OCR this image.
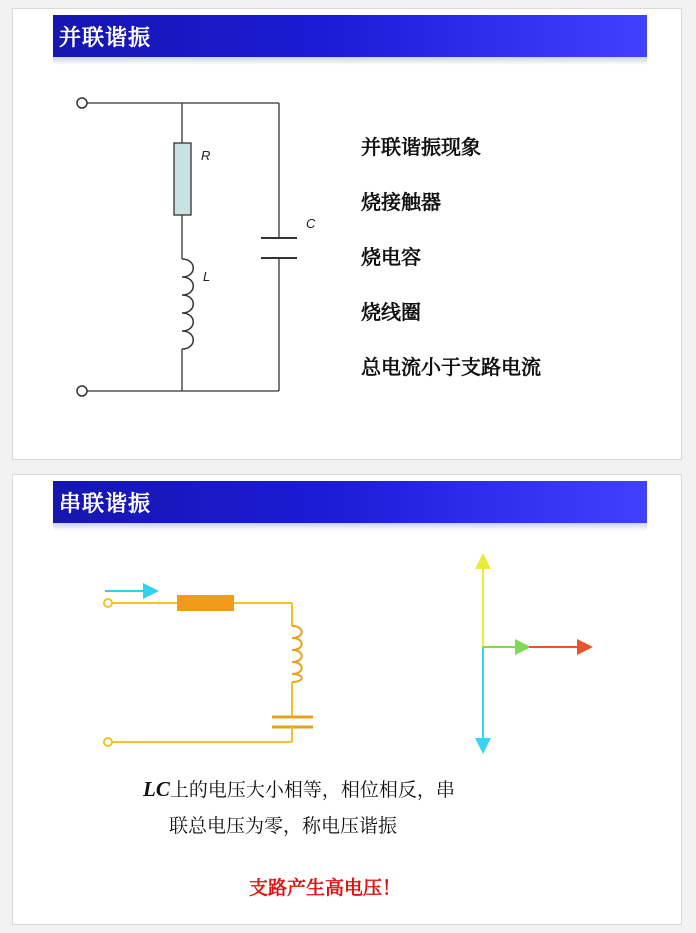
并联谐振
R
L
C
并联谐振现象
烧接触器
烧电容
烧线圈
总电流小于支路电流
串联谐振
LC上的电压大小相等，相位相反，串
联总电压为零，称电压谐振
支路产生高电压！
